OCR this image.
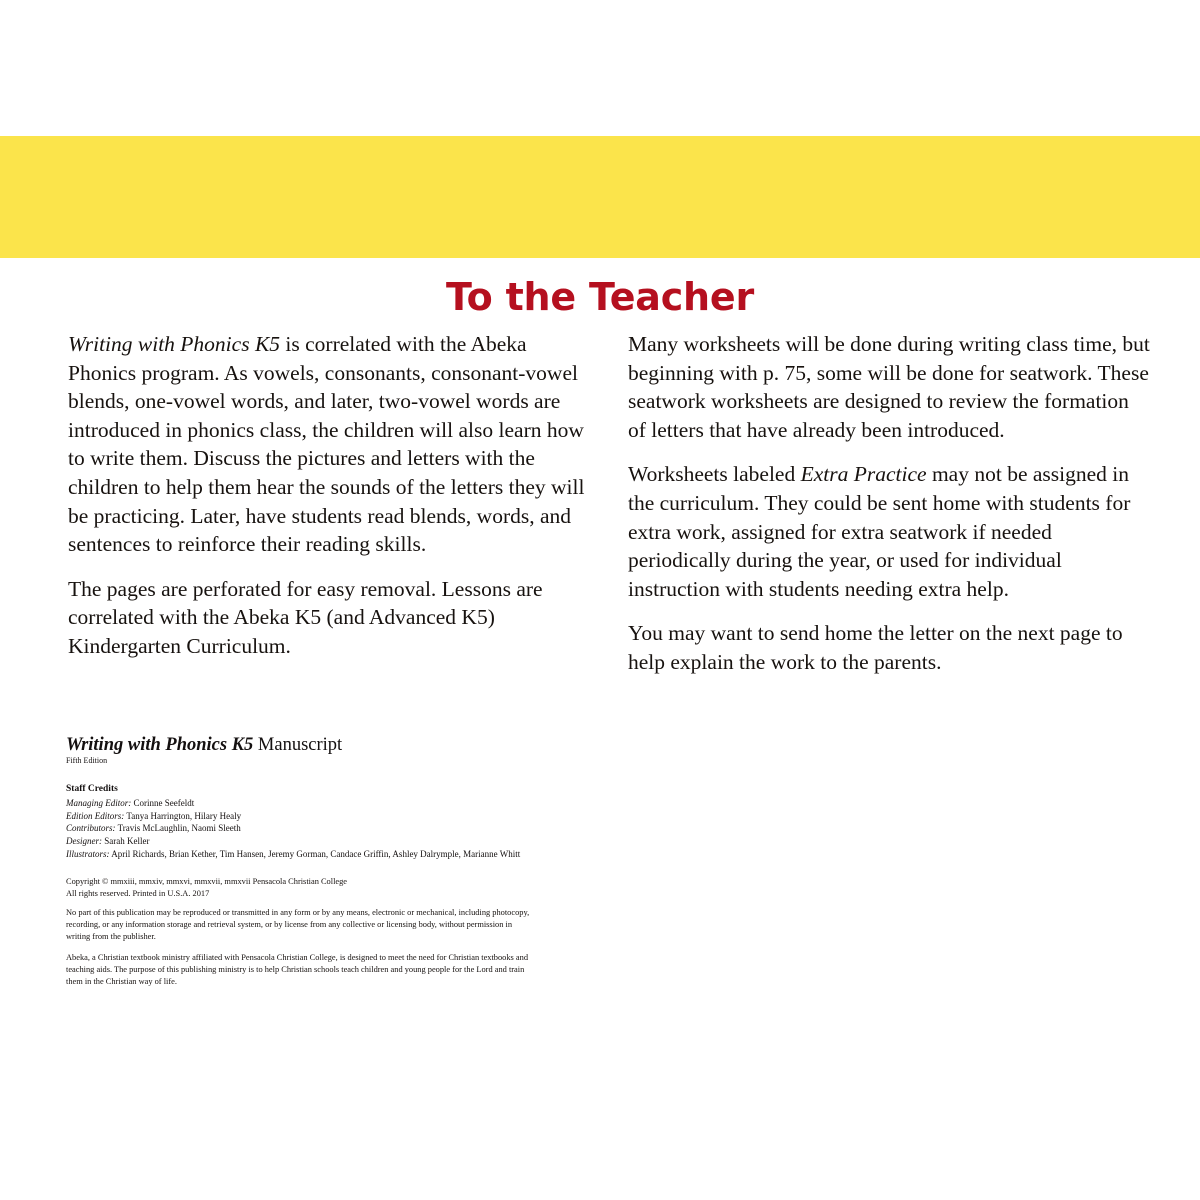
To the Teacher

Writing with Phonics K5 is correlated with the Abeka Phonics program. As vowels, consonants, consonant-vowel blends, one-vowel words, and later, two-vowel words are introduced in phonics class, the children will also learn how to write them. Discuss the pictures and letters with the children to help them hear the sounds of the letters they will be practicing. Later, have students read blends, words, and sentences to reinforce their reading skills.

The pages are perforated for easy removal. Lessons are correlated with the Abeka K5 (and Advanced K5) Kindergarten Curriculum.

Many worksheets will be done during writing class time, but beginning with p. 75, some will be done for seatwork. These seatwork worksheets are designed to review the formation of letters that have already been introduced.

Worksheets labeled Extra Practice may not be assigned in the curriculum. They could be sent home with students for extra work, assigned for extra seatwork if needed periodically during the year, or used for individual instruction with students needing extra help.

You may want to send home the letter on the next page to help explain the work to the parents.

Writing with Phonics K5 Manuscript

Fifth Edition

Staff Credits

Managing Editor: Corinne Seefeldt

Edition Editors: Tanya Harrington, Hilary Healy

Contributors: Travis McLaughlin, Naomi Sleeth

Designer: Sarah Keller

Illustrators: April Richards, Brian Kether, Tim Hansen, Jeremy Gorman, Candace Griffin, Ashley Dalrymple, Marianne Whitt

Copyright © mmxiii, mmxiv, mmxvi, mmxvii, mmxvii Pensacola Christian College
All rights reserved. Printed in U.S.A. 2017

No part of this publication may be reproduced or transmitted in any form or by any means, electronic or mechanical, including photocopy, recording, or any information storage and retrieval system, or by license from any collective or licensing body, without permission in writing from the publisher.

Abeka, a Christian textbook ministry affiliated with Pensacola Christian College, is designed to meet the need for Christian textbooks and teaching aids. The purpose of this publishing ministry is to help Christian schools teach children and young people for the Lord and train them in the Christian way of life.
